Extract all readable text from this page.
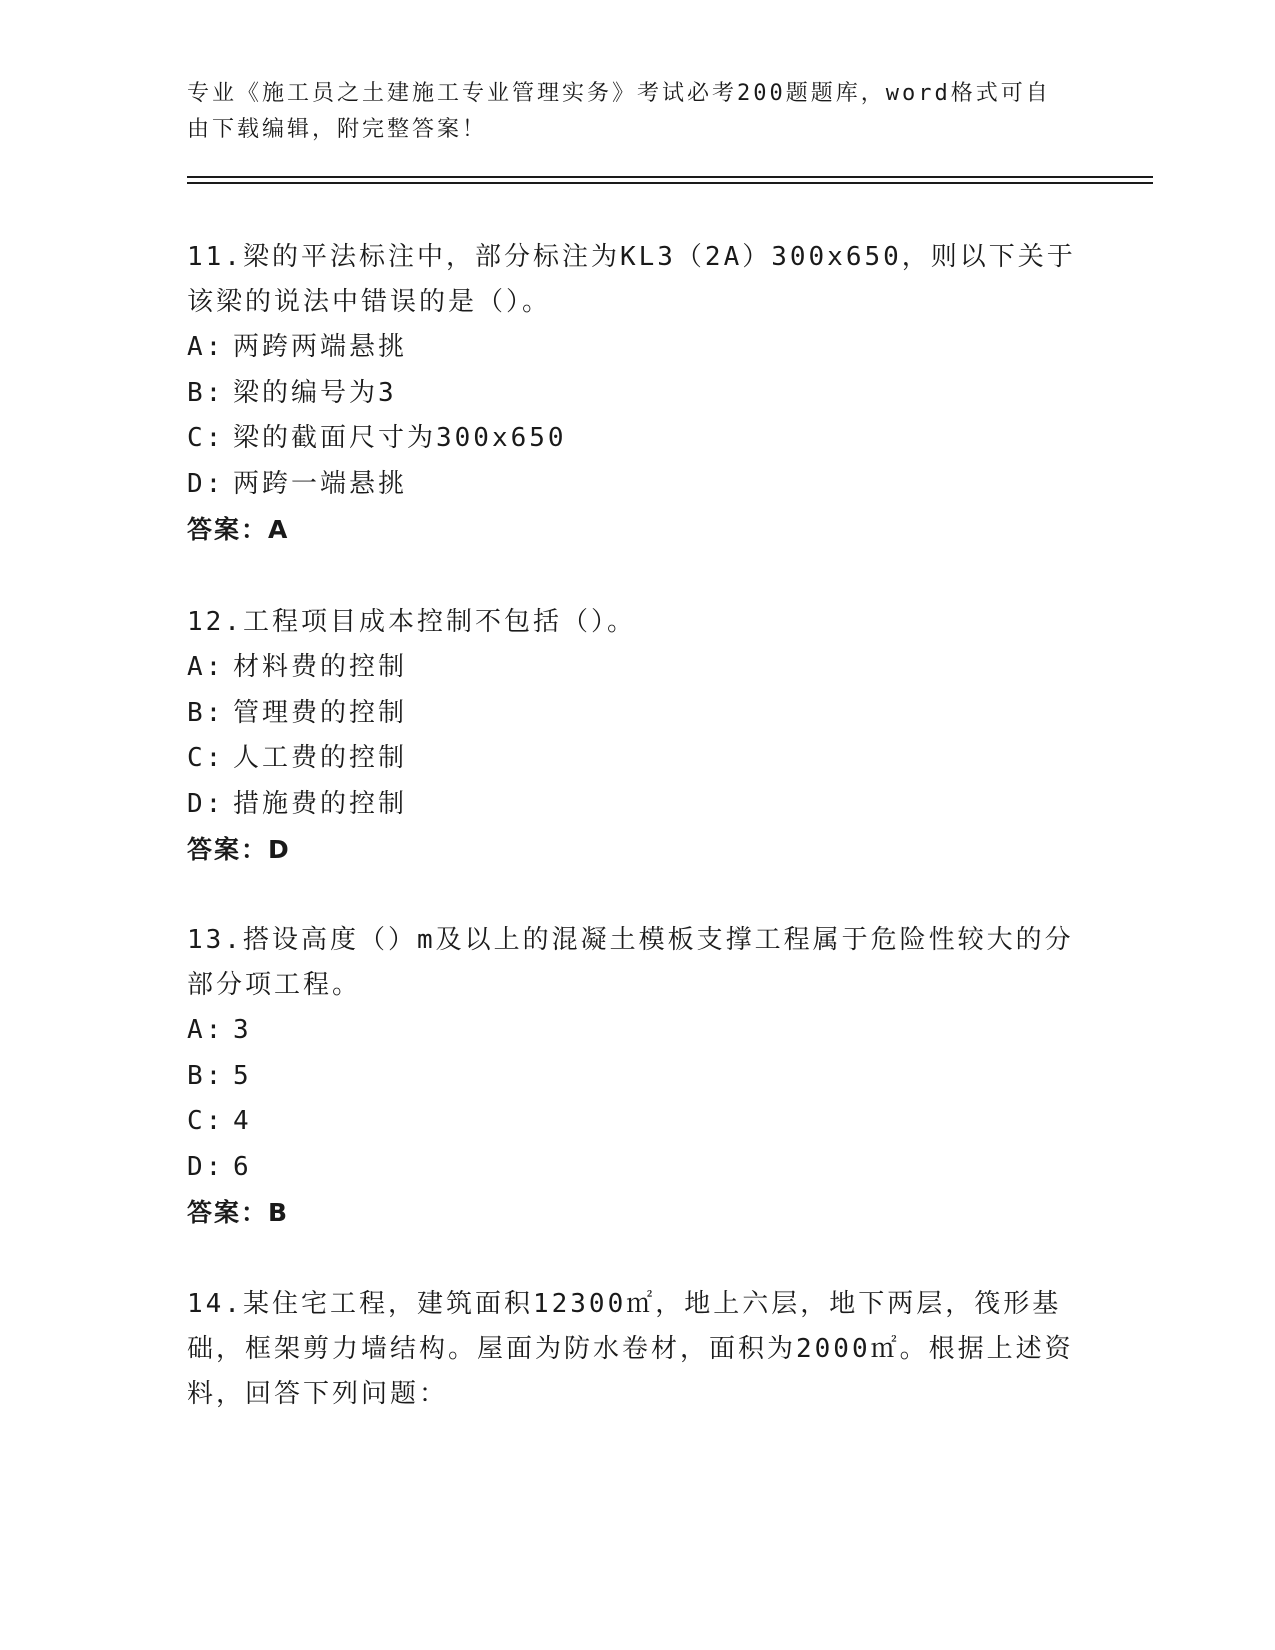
专业《施工员之土建施工专业管理实务》考试必考200题题库，word格式可自由下载编辑，附完整答案！

11.梁的平法标注中，部分标注为KL3（2A）300x650，则以下关于该梁的说法中错误的是（）。

A: 两跨两端悬挑

B: 梁的编号为3

C: 梁的截面尺寸为300x650

D: 两跨一端悬挑

答案：A

12.工程项目成本控制不包括（）。

A: 材料费的控制

B: 管理费的控制

C: 人工费的控制

D: 措施费的控制

答案：D

13.搭设高度（）m及以上的混凝土模板支撑工程属于危险性较大的分部分项工程。

A: 3

B: 5

C: 4

D: 6

答案：B

14.某住宅工程，建筑面积12300㎡，地上六层，地下两层，筏形基础，框架剪力墙结构。屋面为防水卷材，面积为2000㎡。根据上述资料，回答下列问题：
